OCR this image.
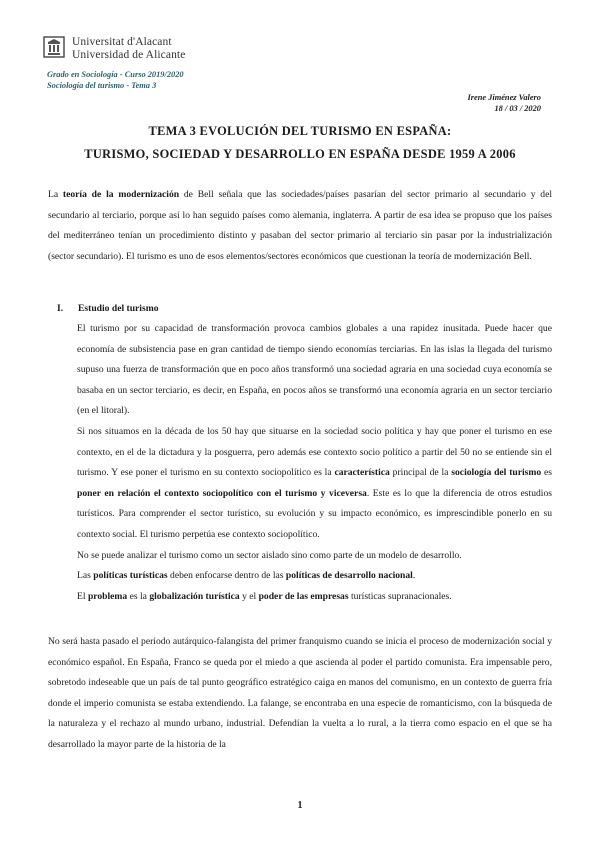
Universitat d'Alacant
Universidad de Alicante
Grado en Sociología - Curso 2019/2020
Sociología del turismo - Tema 3
Irene Jiménez Valero
18 / 03 / 2020
TEMA 3 EVOLUCIÓN DEL TURISMO EN ESPAÑA:
TURISMO, SOCIEDAD Y DESARROLLO EN ESPAÑA DESDE 1959 A 2006

La teoría de la modernización de Bell señala que las sociedades/países pasarían del sector primario al secundario y del secundario al terciario, porque así lo han seguido países como alemania, inglaterra. A partir de esa idea se propuso que los países del mediterráneo tenían un procedimiento distinto y pasaban del sector primario al terciario sin pasar por la industrialización (sector secundario). El turismo es uno de esos elementos/sectores económicos que cuestionan la teoría de modernización Bell.

I.	Estudio del turismo

El turismo por su capacidad de transformación provoca cambios globales a una rapidez inusitada. Puede hacer que economía de subsistencia pase en gran cantidad de tiempo siendo economías terciarias. En las islas la llegada del turismo supuso una fuerza de transformación que en poco años transformó una sociedad agraria en una sociedad cuya economía se basaba en un sector terciario, es decir, en España, en pocos años se transformó una economía agraria en un sector terciario (en el litoral).

Si nos situamos en la década de los 50 hay que situarse en la sociedad socio política y hay que poner el turismo en ese contexto, en el de la dictadura y la posguerra, pero además ese contexto socio político a partir del 50 no se entiende sin el turismo. Y ese poner el turismo en su contexto sociopolítico es la característica principal de la sociología del turismo es poner en relación el contexto sociopolítico con el turismo y viceversa. Este es lo que la diferencia de otros estudios turísticos. Para comprender el sector turístico, su evolución y su impacto económico, es imprescindible ponerlo en su contexto social. El turismo perpetúa ese contexto sociopolítico.

No se puede analizar el turismo como un sector aislado sino como parte de un modelo de desarrollo.

Las políticas turísticas deben enfocarse dentro de las políticas de desarrollo nacional.

El problema es la globalización turística y el poder de las empresas turísticas supranacionales.

No será hasta pasado el periodo autárquico-falangista del primer franquismo cuando se inicia el proceso de modernización social y económico español. En España, Franco se queda por el miedo a que ascienda al poder el partido comunista. Era impensable pero, sobretodo indeseable que un país de tal punto geográfico estratégico caiga en manos del comunismo, en un contexto de guerra fría donde el imperio comunista se estaba extendiendo. La falange, se encontraba en una especie de romanticismo, con la búsqueda de la naturaleza y el rechazo al mundo urbano, industrial. Defendían la vuelta a lo rural, a la tierra como espacio en el que se ha desarrollado la mayor parte de la historia de la

1
